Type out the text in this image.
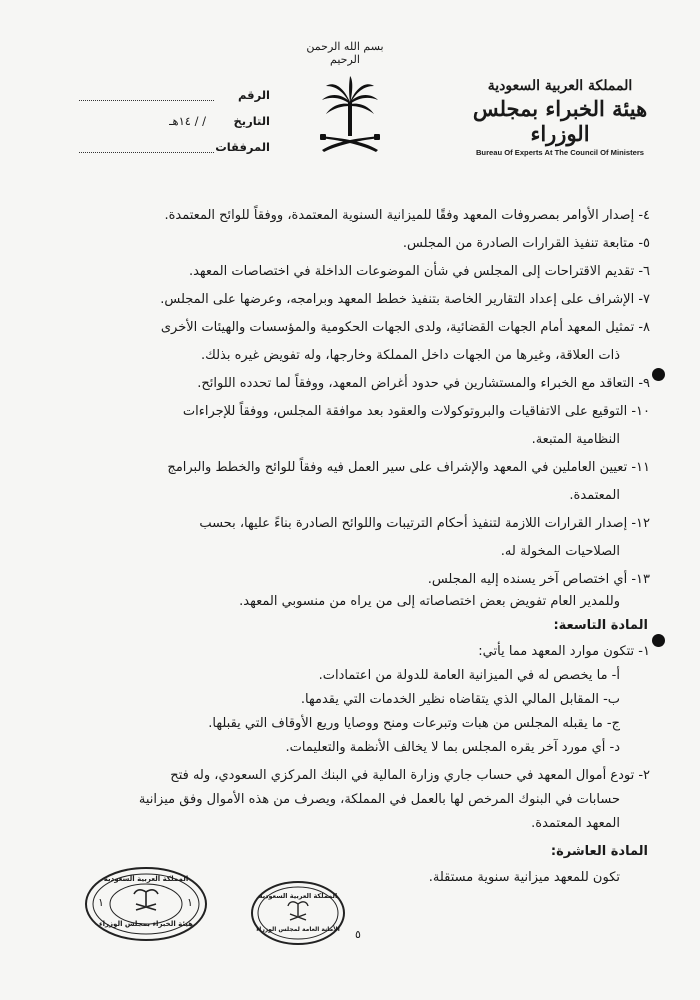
بسم الله الرحمن الرحيم
الرقم
التاريخ
/ / ١٤هـ
المرفقات
المملكة العربية السعودية
هيئة الخبراء بمجلس الوزراء
Bureau Of Experts At The Council Of Ministers
٤- إصدار الأوامر بمصروفات المعهد وفقًا للميزانية السنوية المعتمدة، ووفقاً للوائح المعتمدة.
٥- متابعة تنفيذ القرارات الصادرة من المجلس.
٦- تقديم الاقتراحات إلى المجلس في شأن الموضوعات الداخلة في اختصاصات المعهد.
٧- الإشراف على إعداد التقارير الخاصة بتنفيذ خطط المعهد وبرامجه، وعرضها على المجلس.
٨- تمثيل المعهد أمام الجهات القضائية، ولدى الجهات الحكومية والمؤسسات والهيئات الأخرى
ذات العلاقة، وغيرها من الجهات داخل المملكة وخارجها، وله تفويض غيره بذلك.
٩- التعاقد مع الخبراء والمستشارين في حدود أغراض المعهد، ووفقاً لما تحدده اللوائح.
١٠- التوقيع على الاتفاقيات والبروتوكولات والعقود بعد موافقة المجلس، ووفقاً للإجراءات
النظامية المتبعة.
١١- تعيين العاملين في المعهد والإشراف على سير العمل فيه وفقاً للوائح والخطط والبرامج
المعتمدة.
١٢- إصدار القرارات اللازمة لتنفيذ أحكام الترتيبات واللوائح الصادرة بناءً عليها، بحسب
الصلاحيات المخولة له.
١٣- أي اختصاص آخر يسنده إليه المجلس.
وللمدير العام تفويض بعض اختصاصاته إلى من يراه من منسوبي المعهد.
المادة التاسعة:
١- تتكون موارد المعهد مما يأتي:
أ- ما يخصص له في الميزانية العامة للدولة من اعتمادات.
ب- المقابل المالي الذي يتقاضاه نظير الخدمات التي يقدمها.
ج- ما يقبله المجلس من هبات وتبرعات ومنح ووصايا وريع الأوقاف التي يقبلها.
د- أي مورد آخر يقره المجلس بما لا يخالف الأنظمة والتعليمات.
٢- تودع أموال المعهد في حساب جاري وزارة المالية في البنك المركزي السعودي، وله فتح
حسابات في البنوك المرخص لها بالعمل في المملكة، ويصرف من هذه الأموال وفق ميزانية
المعهد المعتمدة.
المادة العاشرة:
تكون للمعهد ميزانية سنوية مستقلة.
المملكة العربية السعودية
هيئة الخبراء بمجلس الوزراء
١	١	المملكة العربية السعودية
الأمانة العامة لمجلس الوزراء	٥
